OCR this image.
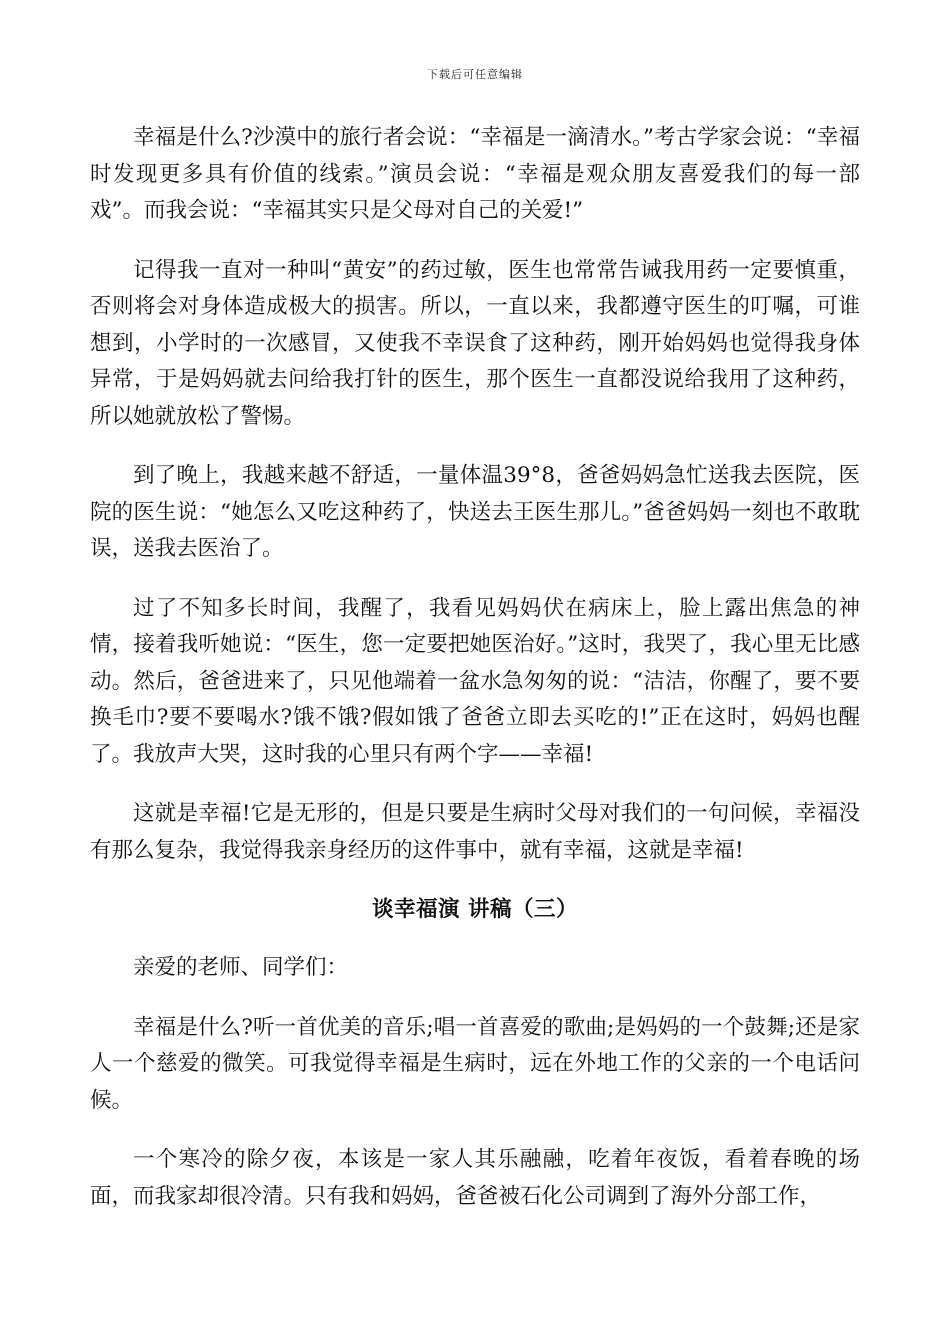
下载后可任意编辑

幸福是什么?沙漠中的旅行者会说：“幸福是一滴清水。”考古学家会说：“幸福时发现更多具有价值的线索。”演员会说：“幸福是观众朋友喜爱我们的每一部戏”。而我会说：“幸福其实只是父母对自己的关爱!”

记得我一直对一种叫“黄安”的药过敏，医生也常常告诫我用药一定要慎重，否则将会对身体造成极大的损害。所以，一直以来，我都遵守医生的叮嘱，可谁想到，小学时的一次感冒，又使我不幸误食了这种药，刚开始妈妈也觉得我身体异常，于是妈妈就去问给我打针的医生，那个医生一直都没说给我用了这种药，所以她就放松了警惕。

到了晚上，我越来越不舒适，一量体温39°8，爸爸妈妈急忙送我去医院，医院的医生说：“她怎么又吃这种药了，快送去王医生那儿。”爸爸妈妈一刻也不敢耽误，送我去医治了。

过了不知多长时间，我醒了，我看见妈妈伏在病床上，脸上露出焦急的神情，接着我听她说：“医生，您一定要把她医治好。”这时，我哭了，我心里无比感动。然后，爸爸进来了，只见他端着一盆水急匆匆的说：“洁洁，你醒了，要不要换毛巾?要不要喝水?饿不饿?假如饿了爸爸立即去买吃的!”正在这时，妈妈也醒了。我放声大哭，这时我的心里只有两个字——幸福!

这就是幸福!它是无形的，但是只要是生病时父母对我们的一句问候，幸福没有那么复杂，我觉得我亲身经历的这件事中，就有幸福，这就是幸福!

谈幸福演 讲稿（三）

亲爱的老师、同学们：

幸福是什么?听一首优美的音乐;唱一首喜爱的歌曲;是妈妈的一个鼓舞;还是家人一个慈爱的微笑。可我觉得幸福是生病时，远在外地工作的父亲的一个电话问候。

一个寒冷的除夕夜，本该是一家人其乐融融，吃着年夜饭，看着春晚的场面，而我家却很冷清。只有我和妈妈，爸爸被石化公司调到了海外分部工作，
